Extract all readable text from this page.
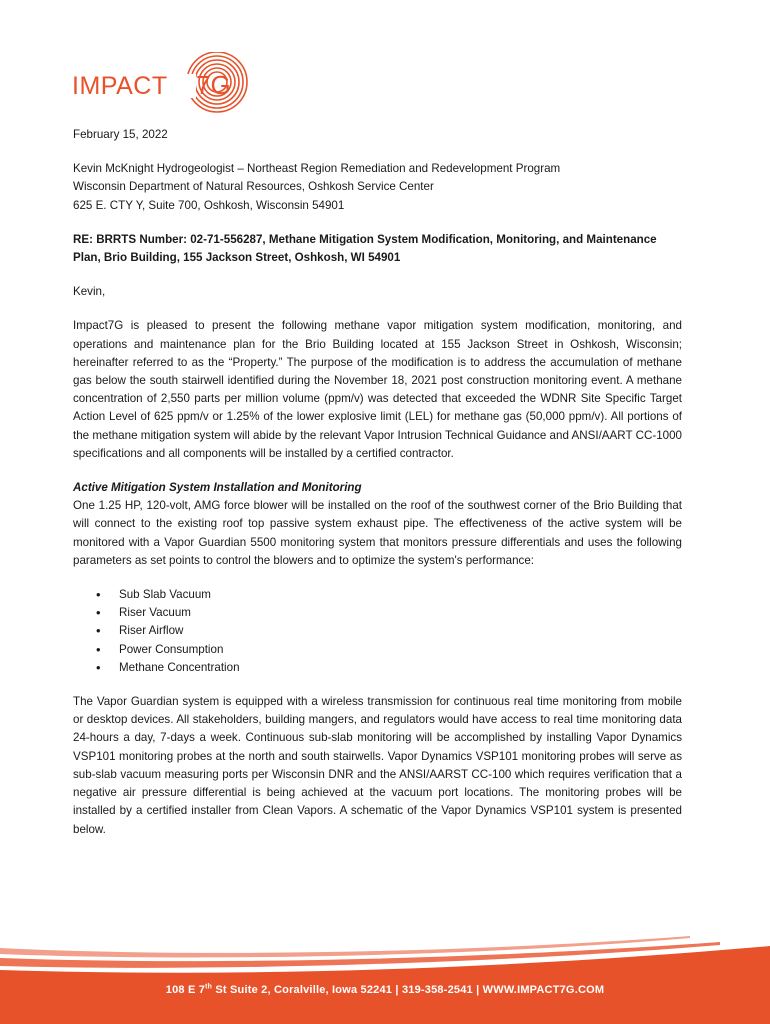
IMPACT 7G

February 15, 2022

Kevin McKnight Hydrogeologist – Northeast Region Remediation and Redevelopment Program

Wisconsin Department of Natural Resources, Oshkosh Service Center

625 E. CTY Y, Suite 700, Oshkosh, Wisconsin 54901

RE: BRRTS Number: 02-71-556287, Methane Mitigation System Modification, Monitoring, and Maintenance Plan, Brio Building, 155 Jackson Street, Oshkosh, WI 54901

Kevin,

Impact7G is pleased to present the following methane vapor mitigation system modification, monitoring, and operations and maintenance plan for the Brio Building located at 155 Jackson Street in Oshkosh, Wisconsin; hereinafter referred to as the “Property.” The purpose of the modification is to address the accumulation of methane gas below the south stairwell identified during the November 18, 2021 post construction monitoring event. A methane concentration of 2,550 parts per million volume (ppm/v) was detected that exceeded the WDNR Site Specific Target Action Level of 625 ppm/v or 1.25% of the lower explosive limit (LEL) for methane gas (50,000 ppm/v). All portions of the methane mitigation system will abide by the relevant Vapor Intrusion Technical Guidance and ANSI/AART CC-1000 specifications and all components will be installed by a certified contractor.

Active Mitigation System Installation and Monitoring

One 1.25 HP, 120-volt, AMG force blower will be installed on the roof of the southwest corner of the Brio Building that will connect to the existing roof top passive system exhaust pipe. The effectiveness of the active system will be monitored with a Vapor Guardian 5500 monitoring system that monitors pressure differentials and uses the following parameters as set points to control the blowers and to optimize the system's performance:

• Sub Slab Vacuum
• Riser Vacuum
• Riser Airflow
• Power Consumption
• Methane Concentration

The Vapor Guardian system is equipped with a wireless transmission for continuous real time monitoring from mobile or desktop devices. All stakeholders, building mangers, and regulators would have access to real time monitoring data 24-hours a day, 7-days a week. Continuous sub-slab monitoring will be accomplished by installing Vapor Dynamics VSP101 monitoring probes at the north and south stairwells. Vapor Dynamics VSP101 monitoring probes will serve as sub-slab vacuum measuring ports per Wisconsin DNR and the ANSI/AARST CC-100 which requires verification that a negative air pressure differential is being achieved at the vacuum port locations. The monitoring probes will be installed by a certified installer from Clean Vapors. A schematic of the Vapor Dynamics VSP101 system is presented below.

108 E 7th St Suite 2, Coralville, Iowa 52241 | 319-358-2541 | WWW.IMPACT7G.COM
